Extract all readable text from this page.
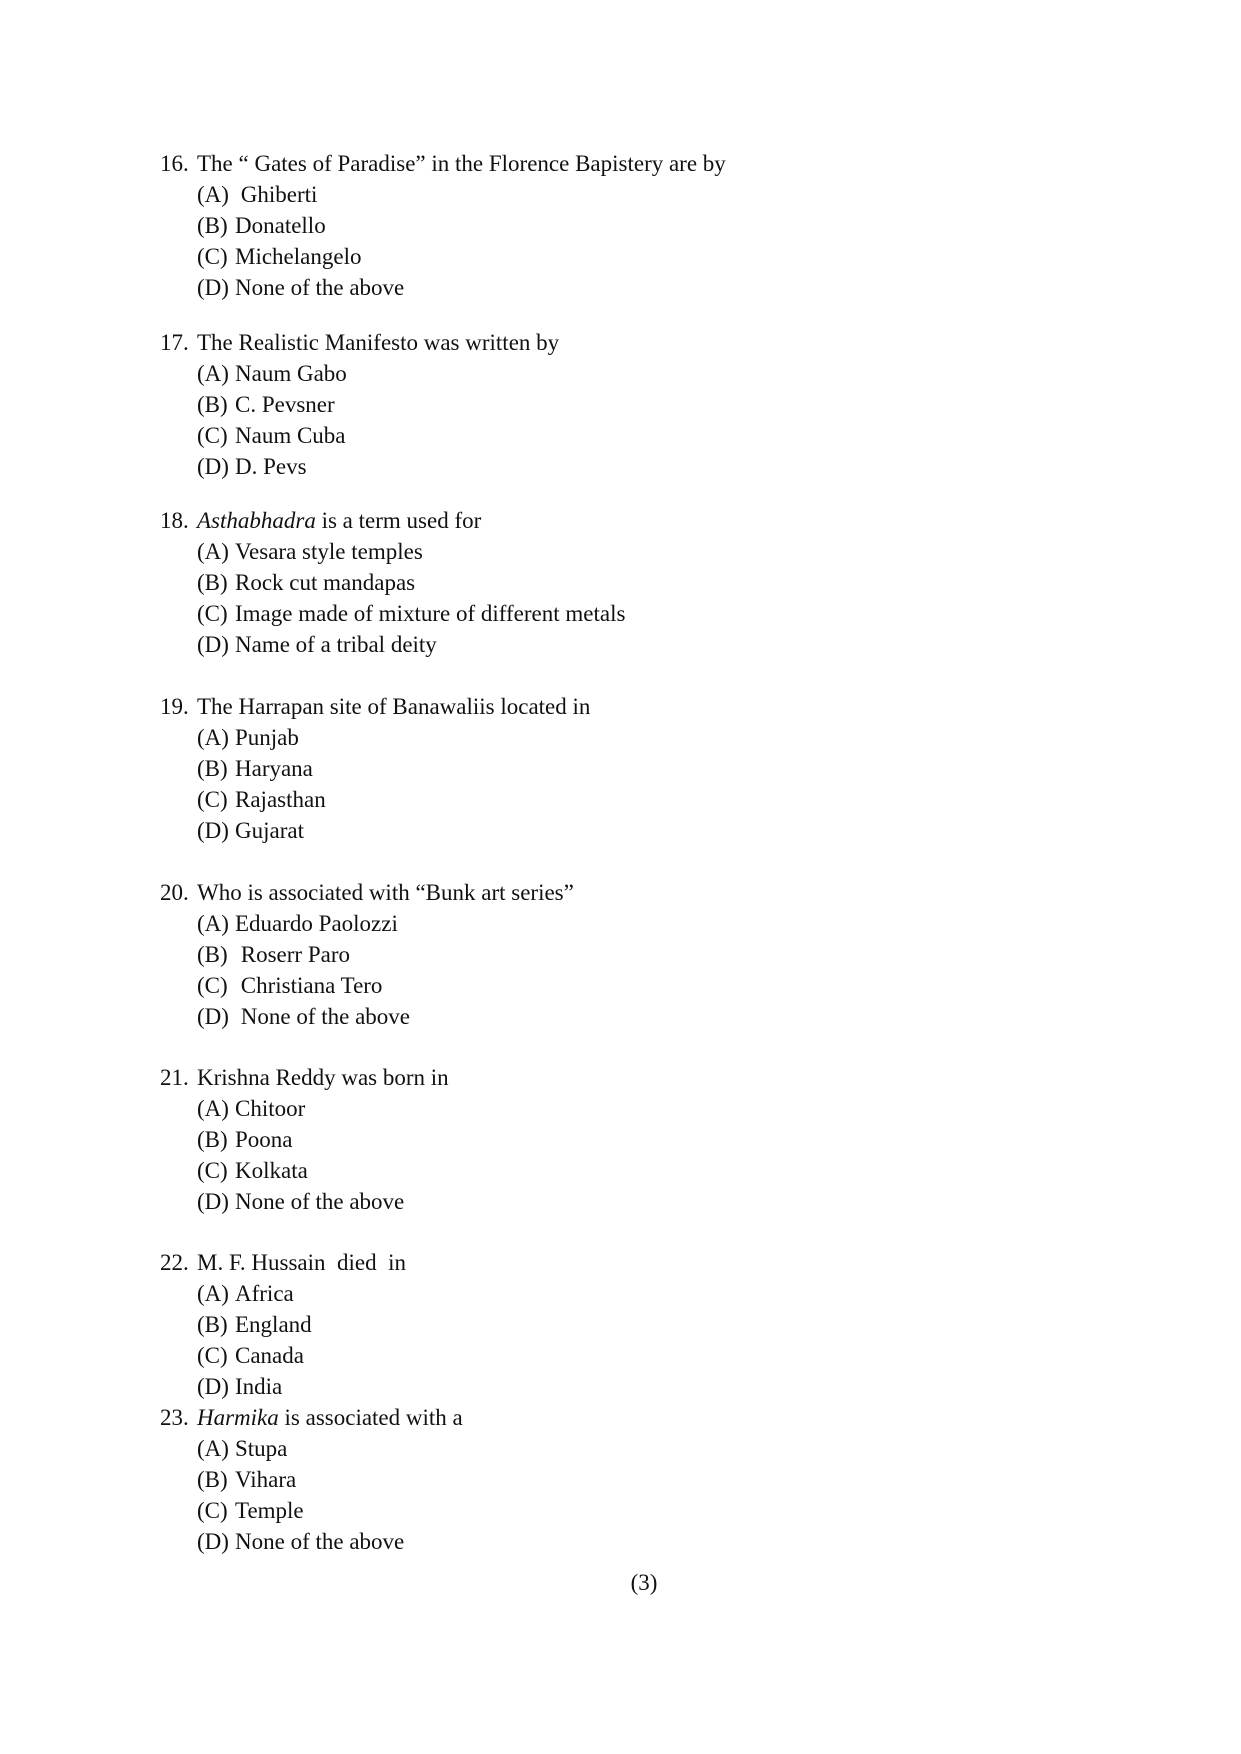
16. The “ Gates of Paradise” in the Florence Bapistery are by
(A) Ghiberti
(B) Donatello
(C) Michelangelo
(D) None of the above
17. The Realistic Manifesto was written by
(A) Naum Gabo
(B) C. Pevsner
(C) Naum Cuba
(D) D. Pevs
18. Asthabhadra is a term used for
(A) Vesara style temples
(B) Rock cut mandapas
(C) Image made of mixture of different metals
(D) Name of a tribal deity
19. The Harrapan site of Banawaliis located in
(A) Punjab
(B) Haryana
(C) Rajasthan
(D) Gujarat
20. Who is associated with “Bunk art series”
(A) Eduardo Paolozzi
(B) Roserr Paro
(C) Christiana Tero
(D) None of the above
21. Krishna Reddy was born in
(A) Chitoor
(B) Poona
(C) Kolkata
(D) None of the above
22. M. F. Hussain  died  in
(A) Africa
(B) England
(C) Canada
(D) India
23. Harmika is associated with a
(A) Stupa
(B) Vihara
(C) Temple
(D) None of the above
(3)
